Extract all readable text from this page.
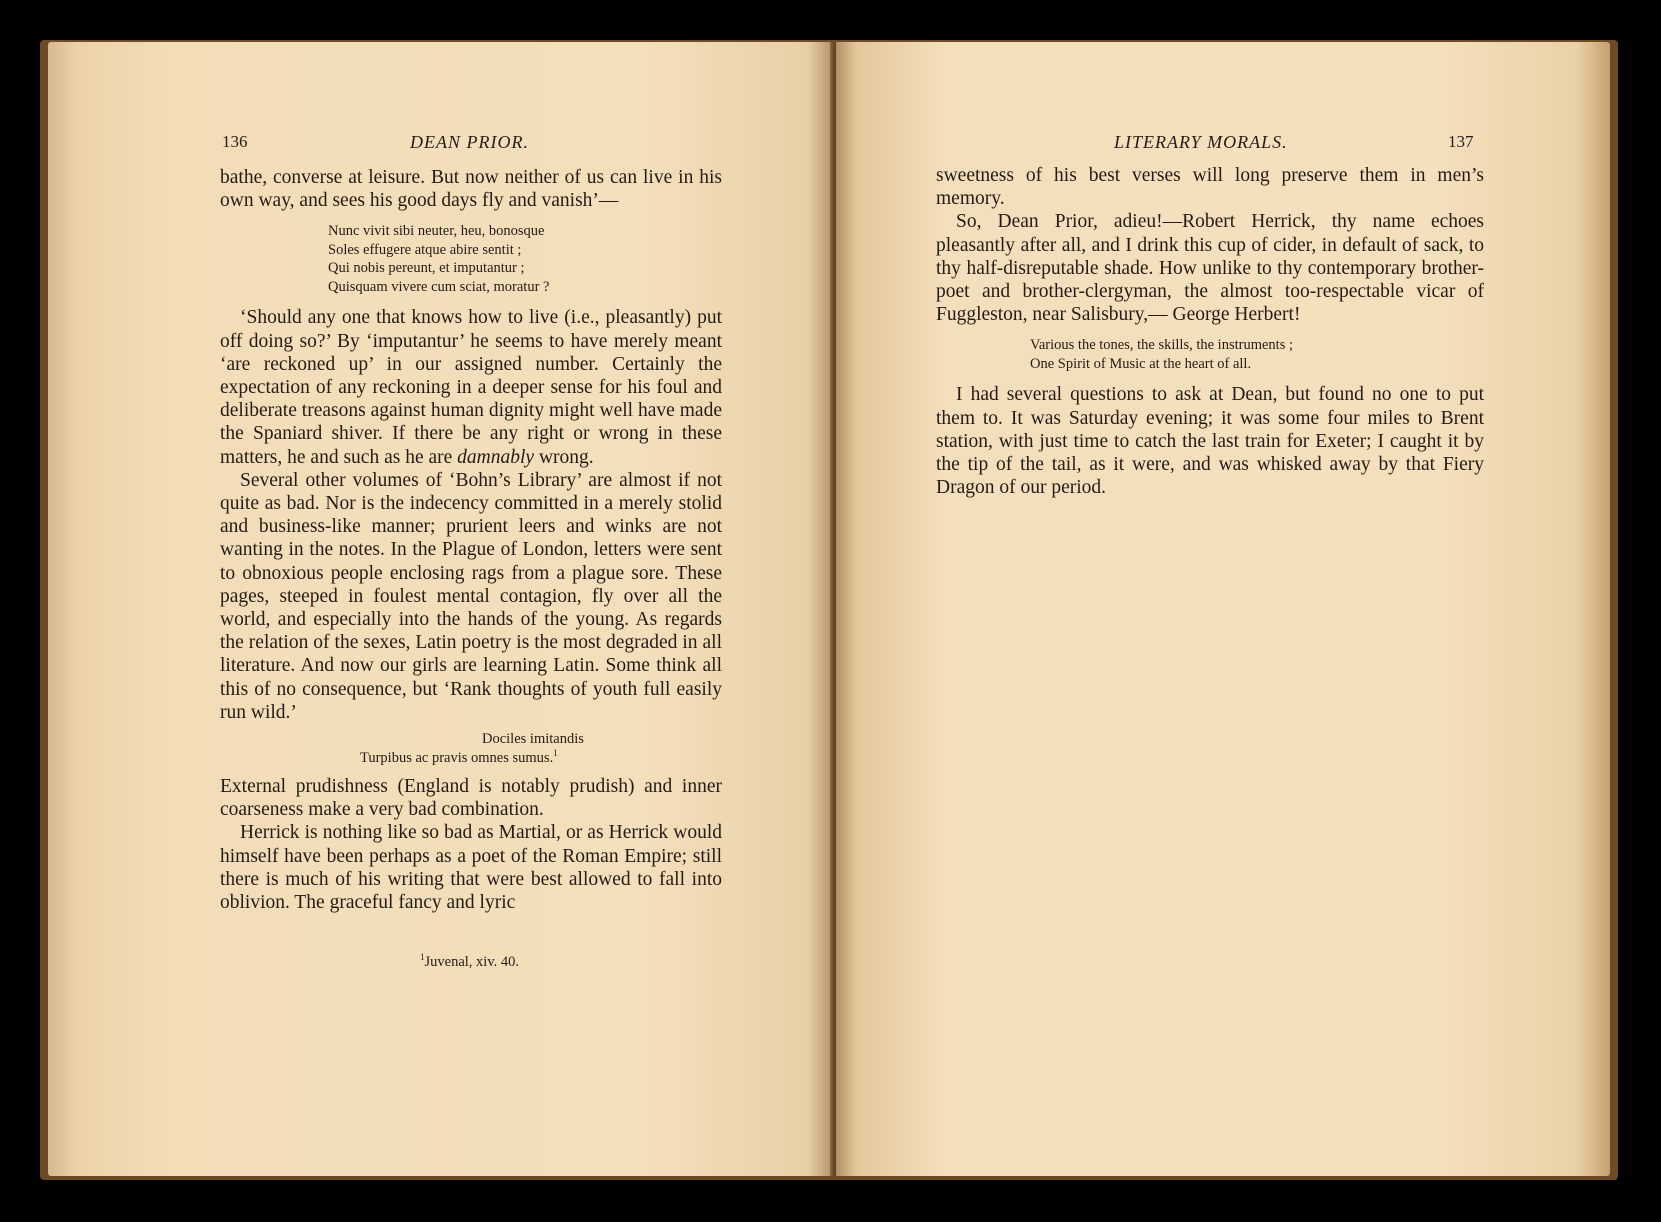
136	DEAN PRIOR.

bathe, converse at leisure. But now neither of us can live in his own way, and sees his good days fly and vanish’—

Nunc vivit sibi neuter, heu, bonosque
Soles effugere atque abire sentit ;
Qui nobis pereunt, et imputantur ;
Quisquam vivere cum sciat, moratur ?

‘Should any one that knows how to live (i.e., pleasantly) put off doing so?’ By ‘imputantur’ he seems to have merely meant ‘are reckoned up’ in our assigned number. Certainly the expectation of any reckoning in a deeper sense for his foul and deliberate treasons against human dignity might well have made the Spaniard shiver. If there be any right or wrong in these matters, he and such as he are damnably wrong.

Several other volumes of ‘Bohn’s Library’ are almost if not quite as bad. Nor is the indecency committed in a merely stolid and business-like manner; prurient leers and winks are not wanting in the notes. In the Plague of London, letters were sent to obnoxious people enclosing rags from a plague sore. These pages, steeped in foulest mental contagion, fly over all the world, and especially into the hands of the young. As regards the relation of the sexes, Latin poetry is the most degraded in all literature. And now our girls are learning Latin. Some think all this of no consequence, but ‘Rank thoughts of youth full easily run wild.’

Dociles imitandis
Turpibus ac pravis omnes sumus.$^1$

External prudishness (England is notably prudish) and inner coarseness make a very bad combination.

Herrick is nothing like so bad as Martial, or as Herrick would himself have been perhaps as a poet of the Roman Empire; still there is much of his writing that were best allowed to fall into oblivion. The graceful fancy and lyric

$^1$Juvenal, xiv. 40.
LITERARY MORALS.	137

sweetness of his best verses will long preserve them in men’s memory.

So, Dean Prior, adieu!—Robert Herrick, thy name echoes pleasantly after all, and I drink this cup of cider, in default of sack, to thy half-disreputable shade. How unlike to thy contemporary brother-poet and brother-clergyman, the almost too-respectable vicar of Fuggleston, near Salisbury,— George Herbert!

Various the tones, the skills, the instruments ;
One Spirit of Music at the heart of all.

I had several questions to ask at Dean, but found no one to put them to. It was Saturday evening; it was some four miles to Brent station, with just time to catch the last train for Exeter; I caught it by the tip of the tail, as it were, and was whisked away by that Fiery Dragon of our period.
